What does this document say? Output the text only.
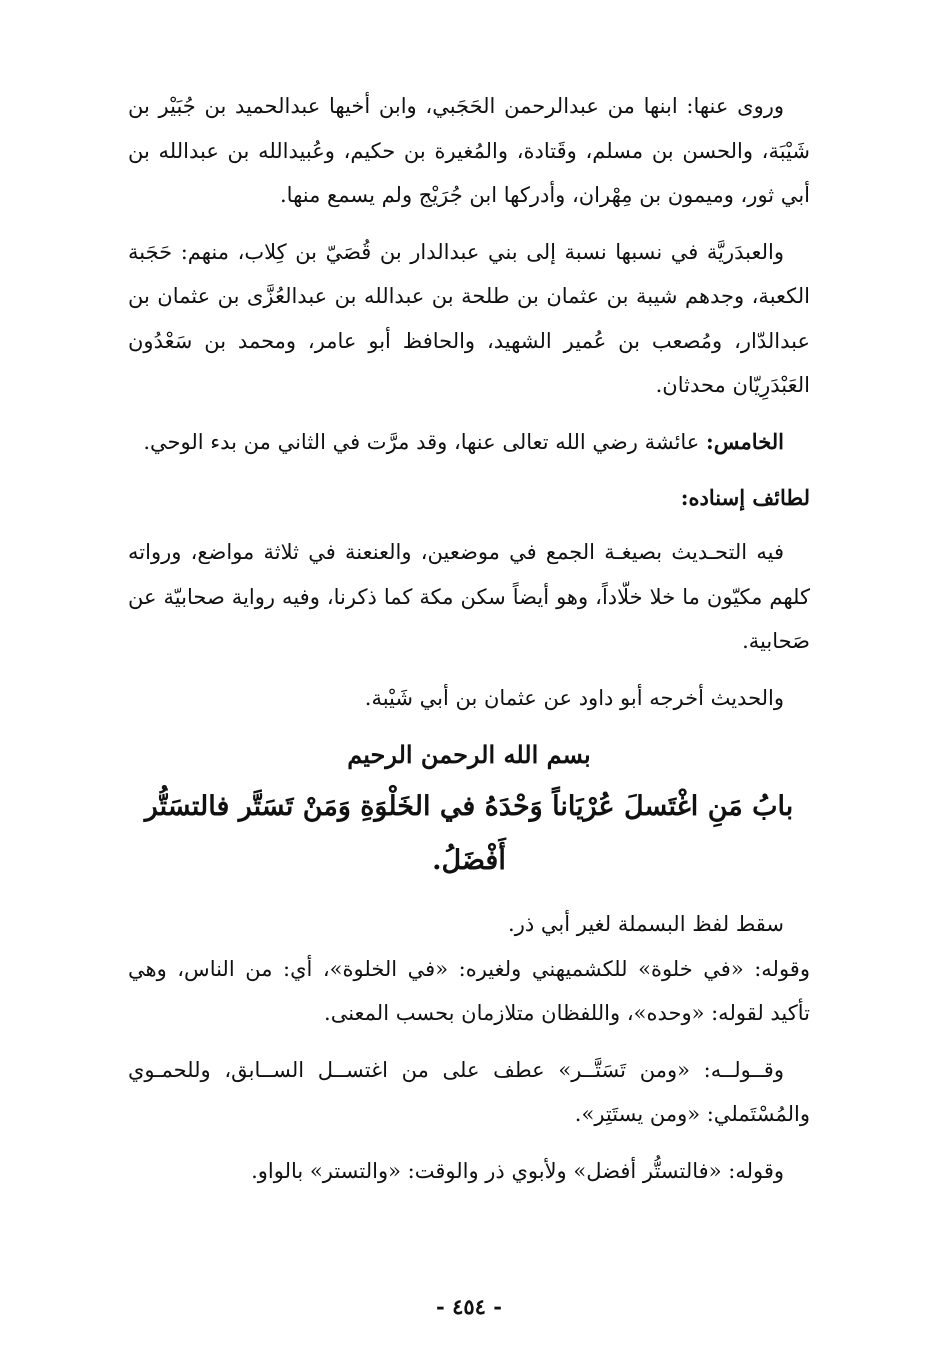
وروى عنها: ابنها من عبدالرحمن الحَجَبي، وابن أخيها عبدالحميد بن جُبَيْر بن شَيْبَة، والحسن بن مسلم، وقَتادة، والمُغيرة بن حكيم، وعُبيدالله بن عبدالله بن أبي ثور، وميمون بن مِهْران، وأدركها ابن جُرَيْج ولم يسمع منها.

والعبدَريَّة في نسبها نسبة إلى بني عبدالدار بن قُصَيّ بن كِلاب، منهم: حَجَبة الكعبة، وجدهم شيبة بن عثمان بن طلحة بن عبدالله بن عبدالعُزَّى بن عثمان بن عبدالدّار، ومُصعب بن عُمير الشهيد، والحافظ أبو عامر، ومحمد بن سَعْدُون العَبْدَرِيّان محدثان.

الخامس: عائشة رضي الله تعالى عنها، وقد مرَّت في الثاني من بدء الوحي.

لطائف إسناده:

فيه التحـديث بصيغـة الجمع في موضعين، والعنعنة في ثلاثة مواضع، ورواته كلهم مكيّون ما خلا خلّاداً، وهو أيضاً سكن مكة كما ذكرنا، وفيه رواية صحابيّة عن صَحابية.

والحديث أخرجه أبو داود عن عثمان بن أبي شَيْبة.

بسم الله الرحمن الرحيم
بابُ مَنِ اغْتَسلَ عُرْيَاناً وَحْدَهُ في الخَلْوَةِ وَمَنْ تَسَتَّر فالتسَتُّر أَفْضَلُ.

سقط لفظ البسملة لغير أبي ذر.

وقوله: «في خلوة» للكشميهني ولغيره: «في الخلوة»، أي: من الناس، وهي تأكيد لقوله: «وحده»، واللفظان متلازمان بحسب المعنى.

وقــولــه: «ومن تَسَتَّــر» عطف على من اغتســل الســابق، وللحمـوي والمُسْتَملي: «ومن يستَتِر».

وقوله: «فالتستُّر أفضل» ولأبوي ذر والوقت: «والتستر» بالواو.

- ٤٥٤ -
